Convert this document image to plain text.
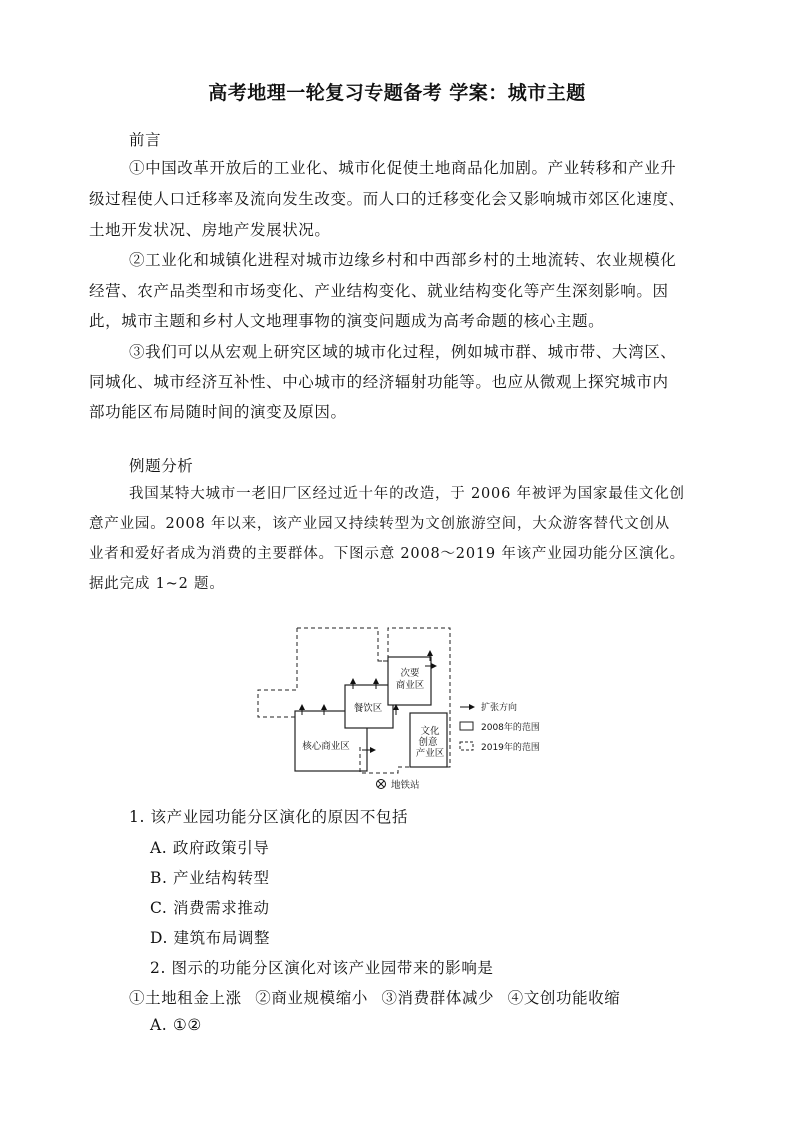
高考地理一轮复习专题备考 学案：城市主题
前言
①中国改革开放后的工业化、城市化促使土地商品化加剧。产业转移和产业升
级过程使人口迁移率及流向发生改变。而人口的迁移变化会又影响城市郊区化速度、
土地开发状况、房地产发展状况。
②工业化和城镇化进程对城市边缘乡村和中西部乡村的土地流转、农业规模化
经营、农产品类型和市场变化、产业结构变化、就业结构变化等产生深刻影响。因
此，城市主题和乡村人文地理事物的演变问题成为高考命题的核心主题。
③我们可以从宏观上研究区域的城市化过程，例如城市群、城市带、大湾区、
同城化、城市经济互补性、中心城市的经济辐射功能等。也应从微观上探究城市内
部功能区布局随时间的演变及原因。
例题分析
我国某特大城市一老旧厂区经过近十年的改造，于 2006 年被评为国家最佳文化创
意产业园。2008 年以来，该产业园又持续转型为文创旅游空间，大众游客替代文创从
业者和爱好者成为消费的主要群体。下图示意 2008～2019 年该产业园功能分区演化。
据此完成 1~2 题。
核心商业区
餐饮区
次要
商业区
文化
创意
产业区
扩张方向
2008年的范围
2019年的范围
地铁站
1. 该产业园功能分区演化的原因不包括
A. 政府政策引导
B. 产业结构转型
C. 消费需求推动
D. 建筑布局调整
2. 图示的功能分区演化对该产业园带来的影响是
①土地租金上涨 ②商业规模缩小 ③消费群体减少 ④文创功能收缩
A. ①②
